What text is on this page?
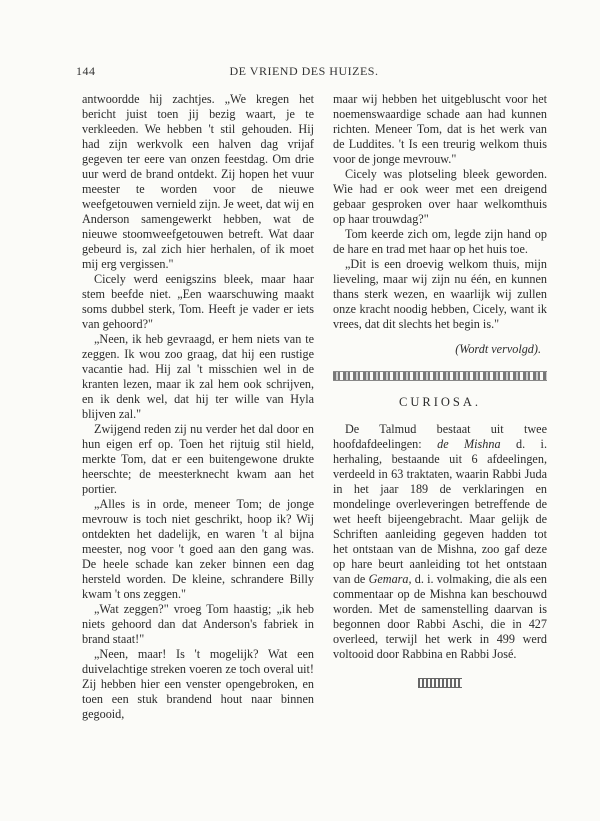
144	DE VRIEND DES HUIZES.

antwoordde hij zachtjes. „We kregen het bericht juist toen jij bezig waart, je te verkleeden. We hebben 't stil gehouden. Hij had zijn werkvolk een halven dag vrijaf gegeven ter eere van onzen feestdag. Om drie uur werd de brand ontdekt. Zij hopen het vuur meester te worden voor de nieuwe weefgetouwen vernield zijn. Je weet, dat wij en Anderson samengewerkt hebben, wat de nieuwe stoomweefgetouwen betreft. Wat daar gebeurd is, zal zich hier herhalen, of ik moet mij erg vergissen."

Cicely werd eenigszins bleek, maar haar stem beefde niet. „Een waarschuwing maakt soms dubbel sterk, Tom. Heeft je vader er iets van gehoord?"

„Neen, ik heb gevraagd, er hem niets van te zeggen. Ik wou zoo graag, dat hij een rustige vacantie had. Hij zal 't misschien wel in de kranten lezen, maar ik zal hem ook schrijven, en ik denk wel, dat hij ter wille van Hyla blijven zal."

Zwijgend reden zij nu verder het dal door en hun eigen erf op. Toen het rijtuig stil hield, merkte Tom, dat er een buitengewone drukte heerschte; de meesterknecht kwam aan het portier.

„Alles is in orde, meneer Tom; de jonge mevrouw is toch niet geschrikt, hoop ik? Wij ontdekten het dadelijk, en waren 't al bijna meester, nog voor 't goed aan den gang was. De heele schade kan zeker binnen een dag hersteld worden. De kleine, schrandere Billy kwam 't ons zeggen."

„Wat zeggen?" vroeg Tom haastig; „ik heb niets gehoord dan dat Anderson's fabriek in brand staat!"

„Neen, maar! Is 't mogelijk? Wat een duivelachtige streken voeren ze toch overal uit! Zij hebben hier een venster opengebroken, en toen een stuk brandend hout naar binnen gegooid,

maar wij hebben het uitgebluscht voor het noemenswaardige schade aan had kunnen richten. Meneer Tom, dat is het werk van de Luddites. 't Is een treurig welkom thuis voor de jonge mevrouw."

Cicely was plotseling bleek geworden. Wie had er ook weer met een dreigend gebaar gesproken over haar welkomthuis op haar trouwdag?"

Tom keerde zich om, legde zijn hand op de hare en trad met haar op het huis toe.

„Dit is een droevig welkom thuis, mijn lieveling, maar wij zijn nu één, en kunnen thans sterk wezen, en waarlijk wij zullen onze kracht noodig hebben, Cicely, want ik vrees, dat dit slechts het begin is."

(Wordt vervolgd).

CURIOSA.

De Talmud bestaat uit twee hoofdafdeelingen: de Mishna d. i. herhaling, bestaande uit 6 afdeelingen, verdeeld in 63 traktaten, waarin Rabbi Juda in het jaar 189 de verklaringen en mondelinge overleveringen betreffende de wet heeft bijeengebracht. Maar gelijk de Schriften aanleiding gegeven hadden tot het ontstaan van de Mishna, zoo gaf deze op hare beurt aanleiding tot het ontstaan van de Gemara, d. i. volmaking, die als een commentaar op de Mishna kan beschouwd worden. Met de samenstelling daarvan is begonnen door Rabbi Aschi, die in 427 overleed, terwijl het werk in 499 werd voltooid door Rabbina en Rabbi José.
